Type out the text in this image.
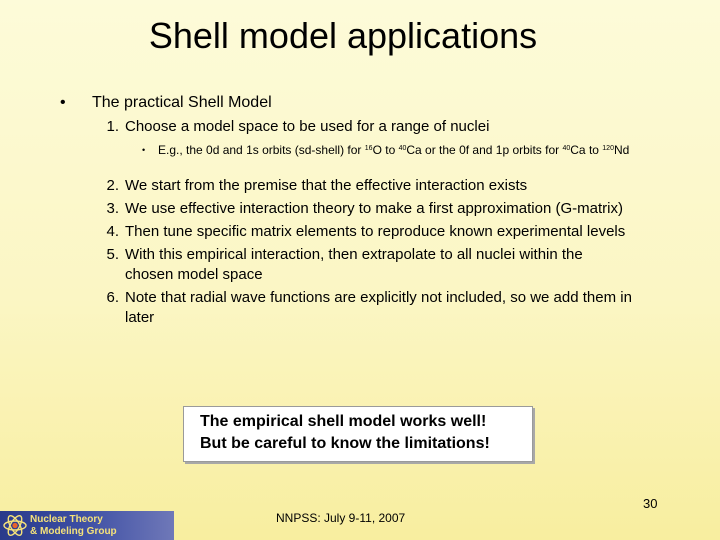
Shell model applications
• The practical Shell Model
1. Choose a model space to be used for a range of nuclei
• E.g., the 0d and 1s orbits (sd-shell) for $^{16}$O to $^{40}$Ca or the 0f and 1p orbits for $^{40}$Ca to $^{120}$Nd
2. We start from the premise that the effective interaction exists
3. We use effective interaction theory to make a first approximation (G-matrix)
4. Then tune specific matrix elements to reproduce known experimental levels
5. With this empirical interaction, then extrapolate to all nuclei within the chosen model space
6. Note that radial wave functions are explicitly not included, so we add them in later
The empirical shell model works well!
But be careful to know the limitations!
30
NNPSS: July 9-11, 2007
Nuclear Theory
& Modeling Group
